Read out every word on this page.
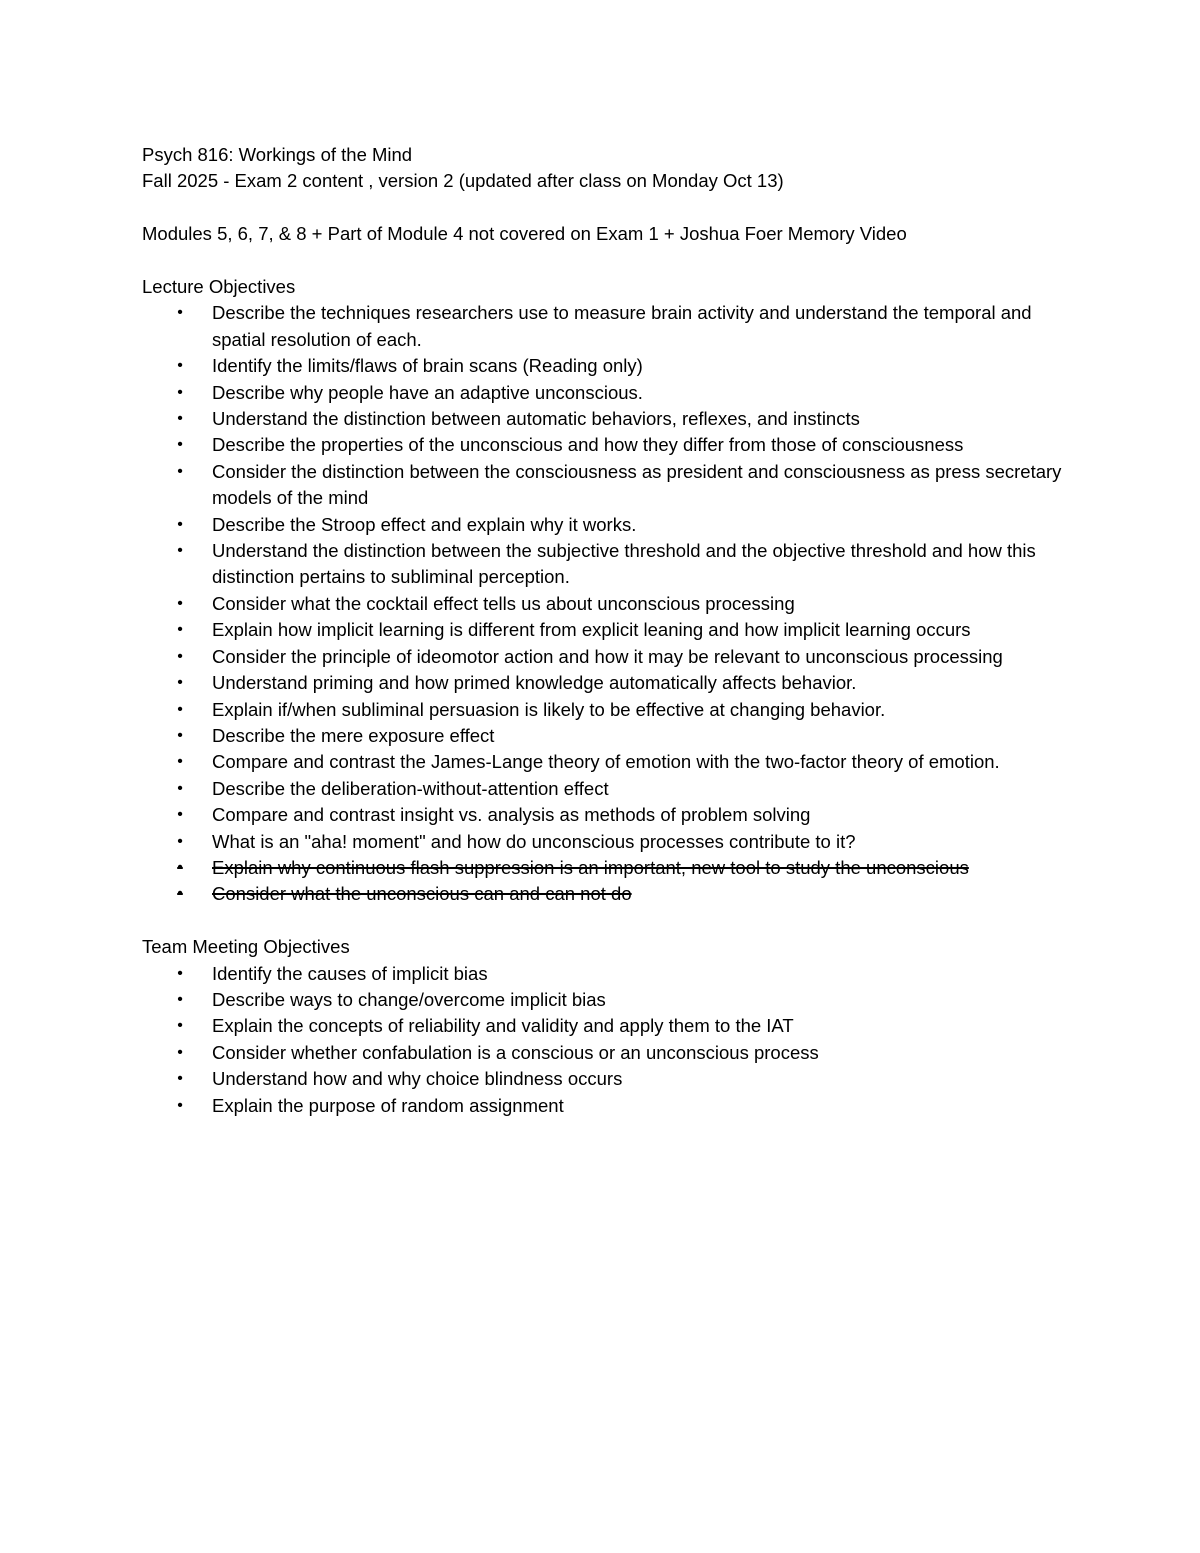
Psych 816: Workings of the Mind

Fall 2025 - Exam 2 content , version 2 (updated after class on Monday Oct 13)

Modules 5, 6, 7, & 8 + Part of Module 4 not covered on Exam 1 + Joshua Foer Memory Video

Lecture Objectives

• Describe the techniques researchers use to measure brain activity and understand the temporal and spatial resolution of each.
• Identify the limits/flaws of brain scans (Reading only)
• Describe why people have an adaptive unconscious.
• Understand the distinction between automatic behaviors, reflexes, and instincts
• Describe the properties of the unconscious and how they differ from those of consciousness
• Consider the distinction between the consciousness as president and consciousness as press secretary models of the mind
• Describe the Stroop effect and explain why it works.
• Understand the distinction between the subjective threshold and the objective threshold and how this distinction pertains to subliminal perception.
• Consider what the cocktail effect tells us about unconscious processing
• Explain how implicit learning is different from explicit leaning and how implicit learning occurs
• Consider the principle of ideomotor action and how it may be relevant to unconscious processing
• Understand priming and how primed knowledge automatically affects behavior.
• Explain if/when subliminal persuasion is likely to be effective at changing behavior.
• Describe the mere exposure effect
• Compare and contrast the James-Lange theory of emotion with the two-factor theory of emotion.
• Describe the deliberation-without-attention effect
• Compare and contrast insight vs. analysis as methods of problem solving
• What is an "aha! moment" and how do unconscious processes contribute to it?
• Explain why continuous flash suppression is an important, new tool to study the unconscious
• Consider what the unconscious can and can not do

Team Meeting Objectives

• Identify the causes of implicit bias
• Describe ways to change/overcome implicit bias
• Explain the concepts of reliability and validity and apply them to the IAT
• Consider whether confabulation is a conscious or an unconscious process
• Understand how and why choice blindness occurs
• Explain the purpose of random assignment
